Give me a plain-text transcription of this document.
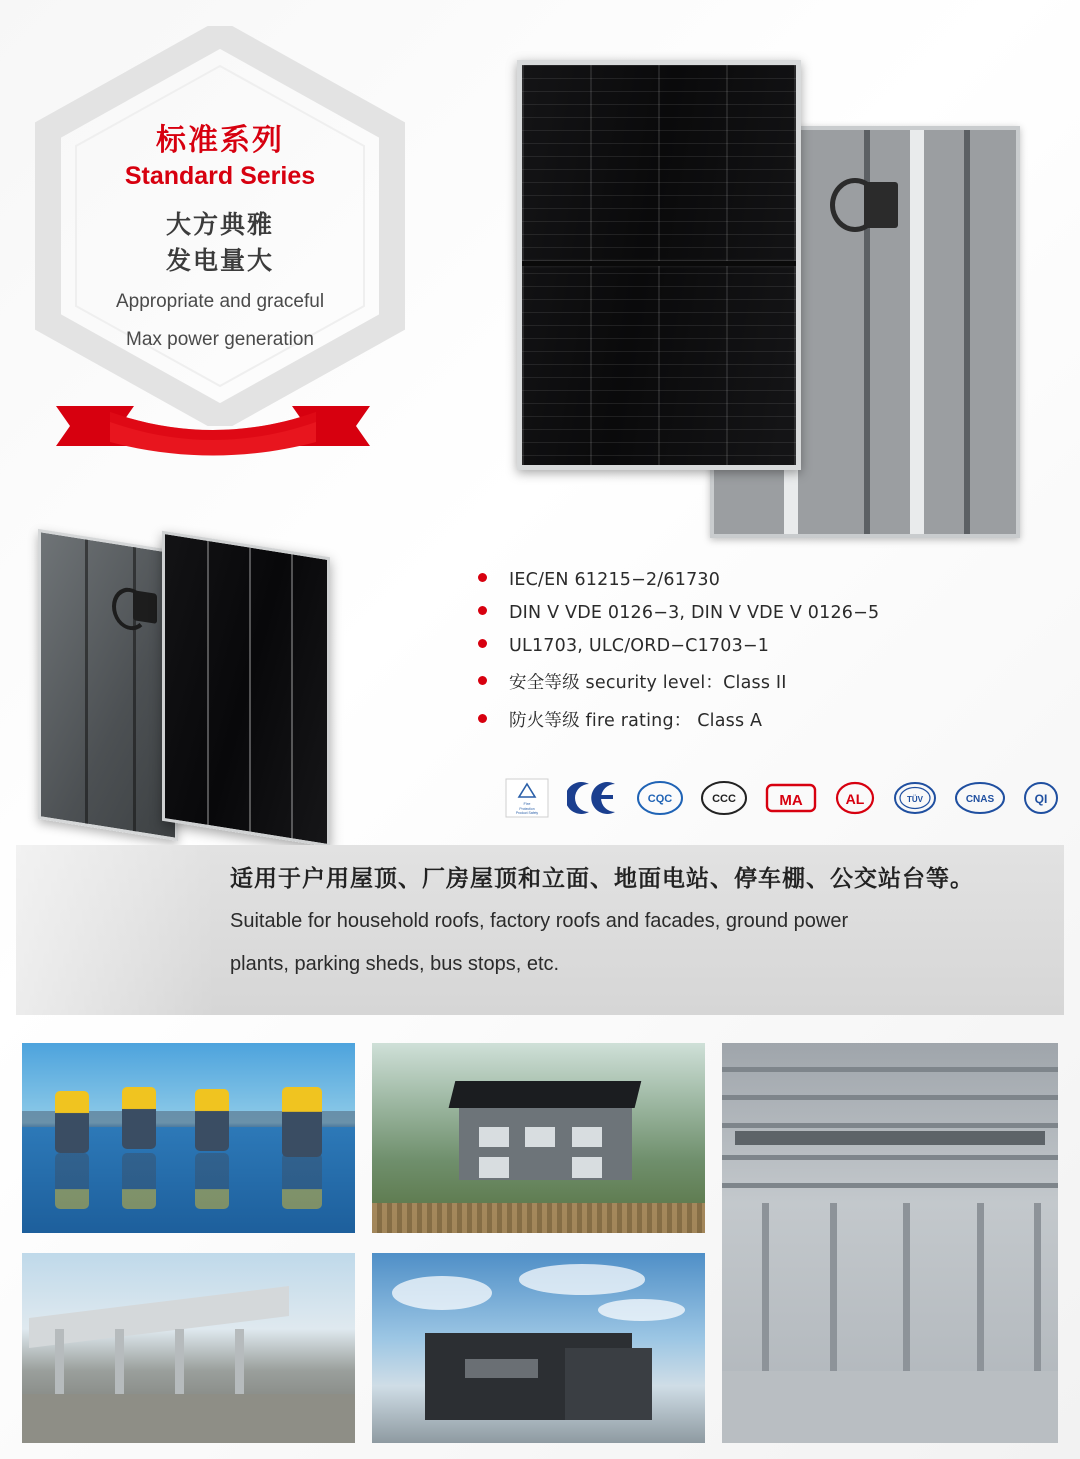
标准系列
Standard Series
大方典雅
发电量大
Appropriate and graceful
Max power generation
IEC/EN 61215−2/61730
DIN V VDE 0126−3, DIN V VDE V 0126−5
UL1703, ULC/ORD−C1703−1
安全等级 security level：Class II
防火等级 fire rating： Class A
Fire
Protection
Product Safety
CQC	CCC	MA	AL	TÜV	CNAS	QI
适用于户用屋顶、厂房屋顶和立面、地面电站、停车棚、公交站台等。
Suitable for household roofs, factory roofs and facades, ground power
plants, parking sheds, bus stops, etc.
